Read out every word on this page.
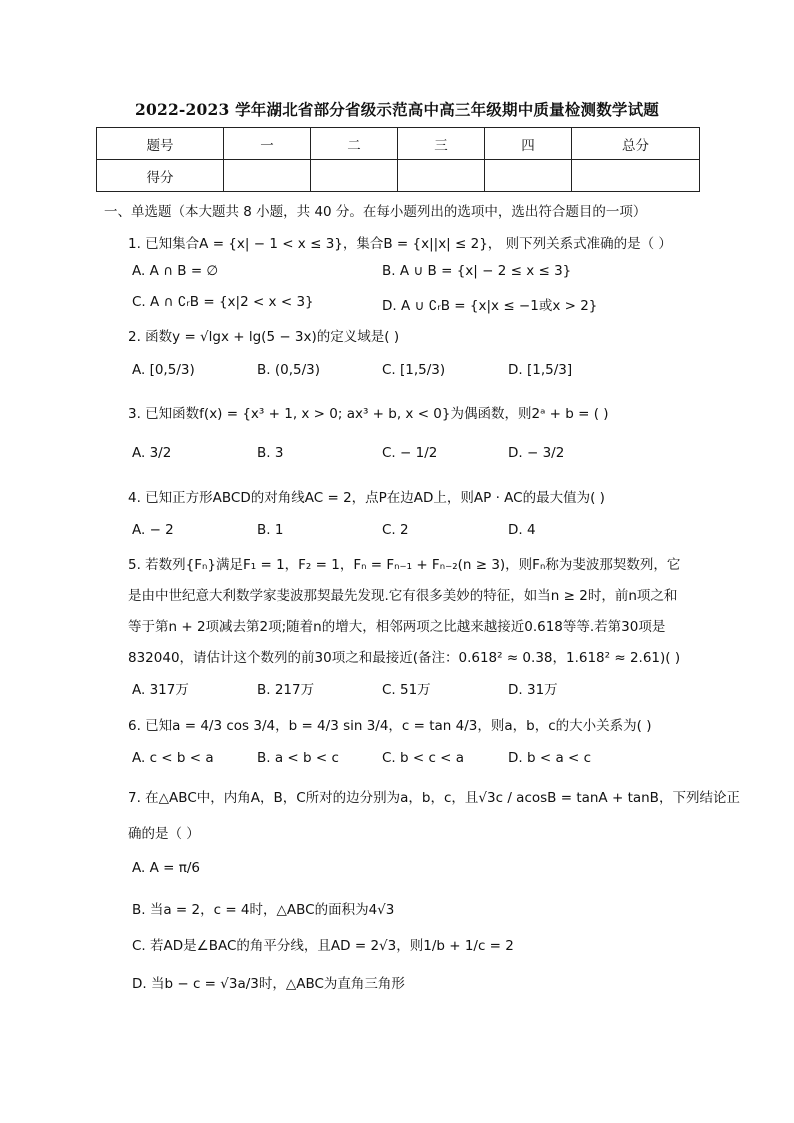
2022-2023 学年湖北省部分省级示范高中高三年级期中质量检测数学试题
题号	一	二	三	四	总分
得分					
一、单选题（本大题共 8 小题，共 40 分。在每小题列出的选项中，选出符合题目的一项）
1. 已知集合A = {x| − 1 < x ≤ 3}，集合B = {x||x| ≤ 2}， 则下列关系式准确的是（ ）
A. A ∩ B = ∅	B. A ∪ B = {x| − 2 ≤ x ≤ 3}
C. A ∩ ∁ᵣB = {x|2 < x < 3}	D. A ∪ ∁ᵣB = {x|x ≤ −1或x > 2}
2. 函数y = √lgx + lg(5 − 3x)的定义域是( )
A. [0,5/3)	B. (0,5/3)	C. [1,5/3)	D. [1,5/3]
3. 已知函数f(x) = {x³ + 1, x > 0; ax³ + b, x < 0}为偶函数，则2ᵃ + b = ( )
A. 3/2	B. 3	C. − 1/2	D. − 3/2
4. 已知正方形ABCD的对角线AC = 2，点P在边AD上，则AP · AC的最大值为( )
A. − 2	B. 1	C. 2	D. 4
5. 若数列{Fₙ}满足F₁ = 1，F₂ = 1，Fₙ = Fₙ₋₁ + Fₙ₋₂(n ≥ 3)，则Fₙ称为斐波那契数列，它
是由中世纪意大利数学家斐波那契最先发现.它有很多美妙的特征，如当n ≥ 2时，前n项之和
等于第n + 2项减去第2项;随着n的增大，相邻两项之比越来越接近0.618等等.若第30项是
832040，请估计这个数列的前30项之和最接近(备注：0.618² ≈ 0.38，1.618² ≈ 2.61)( )
A. 317万	B. 217万	C. 51万	D. 31万
6. 已知a = 4/3 cos 3/4，b = 4/3 sin 3/4，c = tan 4/3，则a，b，c的大小关系为( )
A. c < b < a	B. a < b < c	C. b < c < a	D. b < a < c
7. 在△ABC中，内角A，B，C所对的边分别为a，b，c，且√3c / acosB = tanA + tanB，下列结论正
确的是（ ）
A. A = π/6
B. 当a = 2，c = 4时，△ABC的面积为4√3
C. 若AD是∠BAC的角平分线，且AD = 2√3，则1/b + 1/c = 2
D. 当b − c = √3a/3时，△ABC为直角三角形
